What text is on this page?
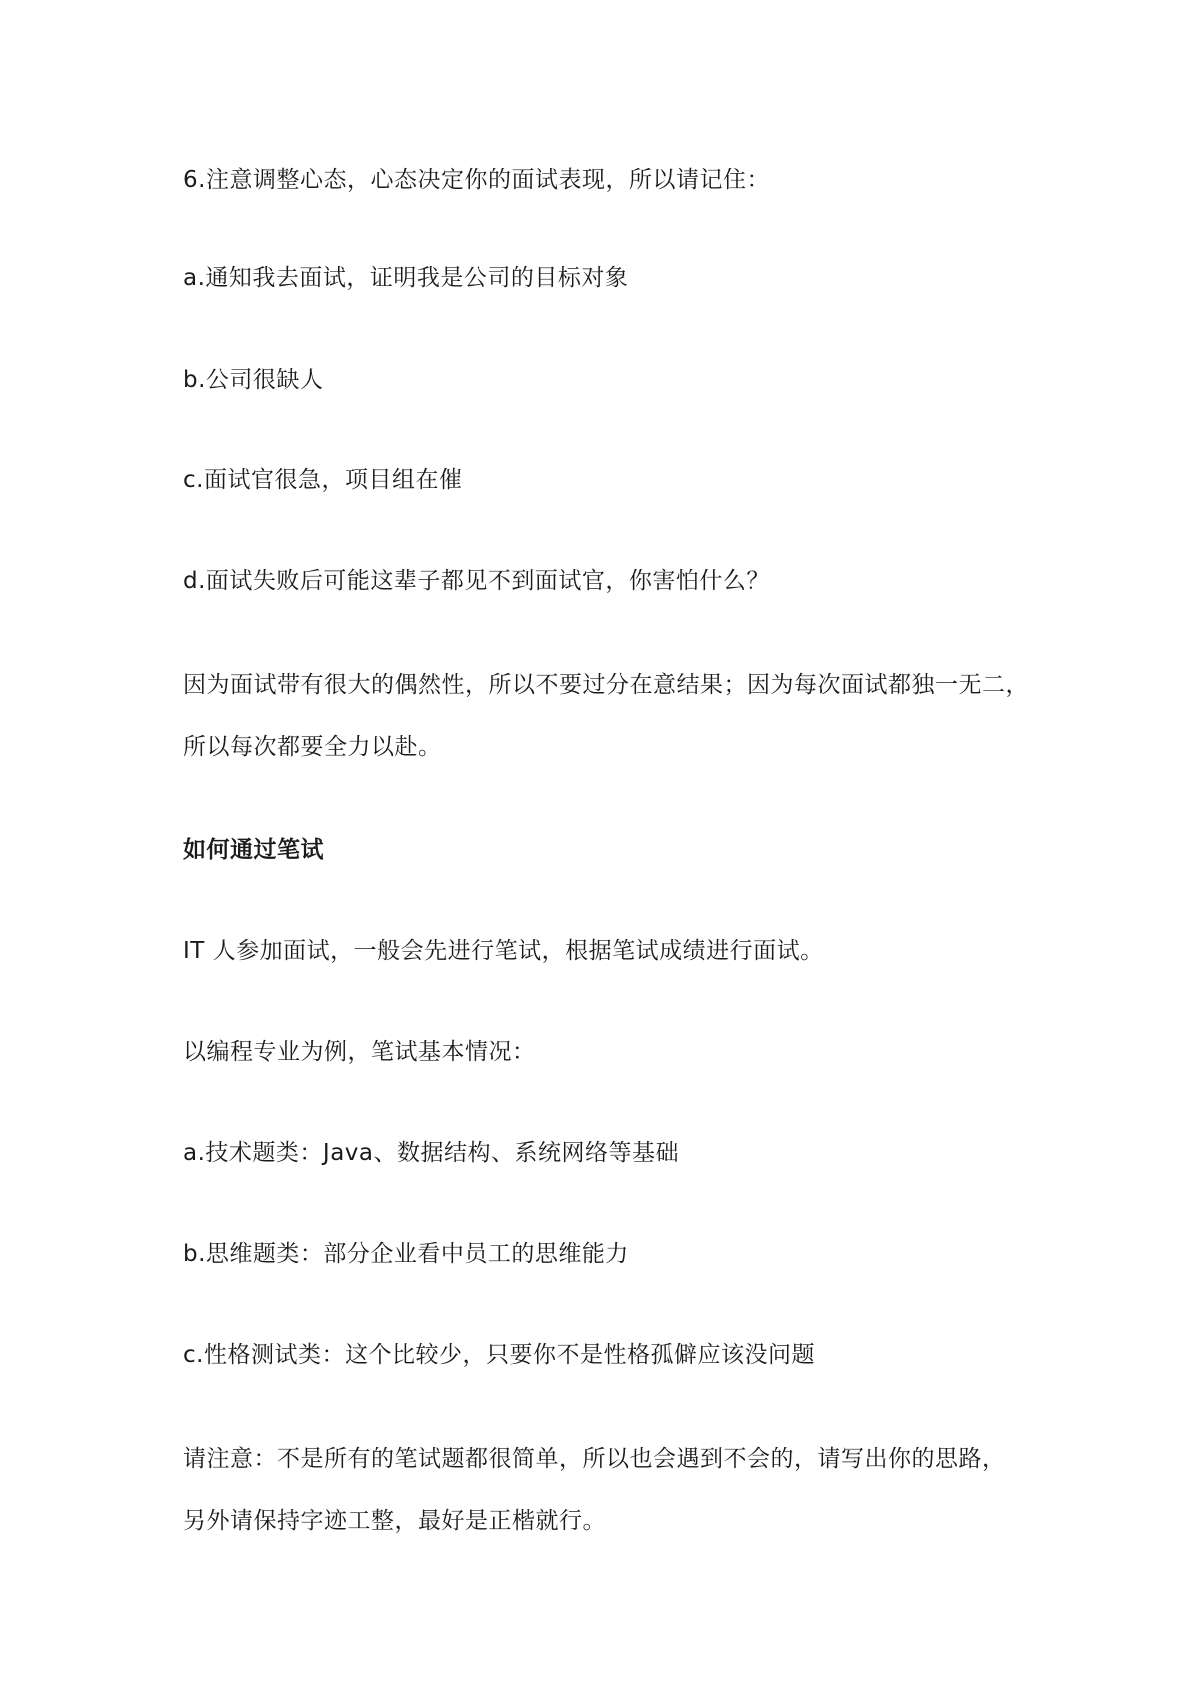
6.注意调整心态，心态决定你的面试表现，所以请记住：
a.通知我去面试，证明我是公司的目标对象
b.公司很缺人
c.面试官很急，项目组在催
d.面试失败后可能这辈子都见不到面试官，你害怕什么？
因为面试带有很大的偶然性，所以不要过分在意结果；因为每次面试都独一无二，
所以每次都要全力以赴。
如何通过笔试
IT 人参加面试，一般会先进行笔试，根据笔试成绩进行面试。
以编程专业为例，笔试基本情况：
a.技术题类：Java、数据结构、系统网络等基础
b.思维题类：部分企业看中员工的思维能力
c.性格测试类：这个比较少，只要你不是性格孤僻应该没问题
请注意：不是所有的笔试题都很简单，所以也会遇到不会的，请写出你的思路，
另外请保持字迹工整，最好是正楷就行。
